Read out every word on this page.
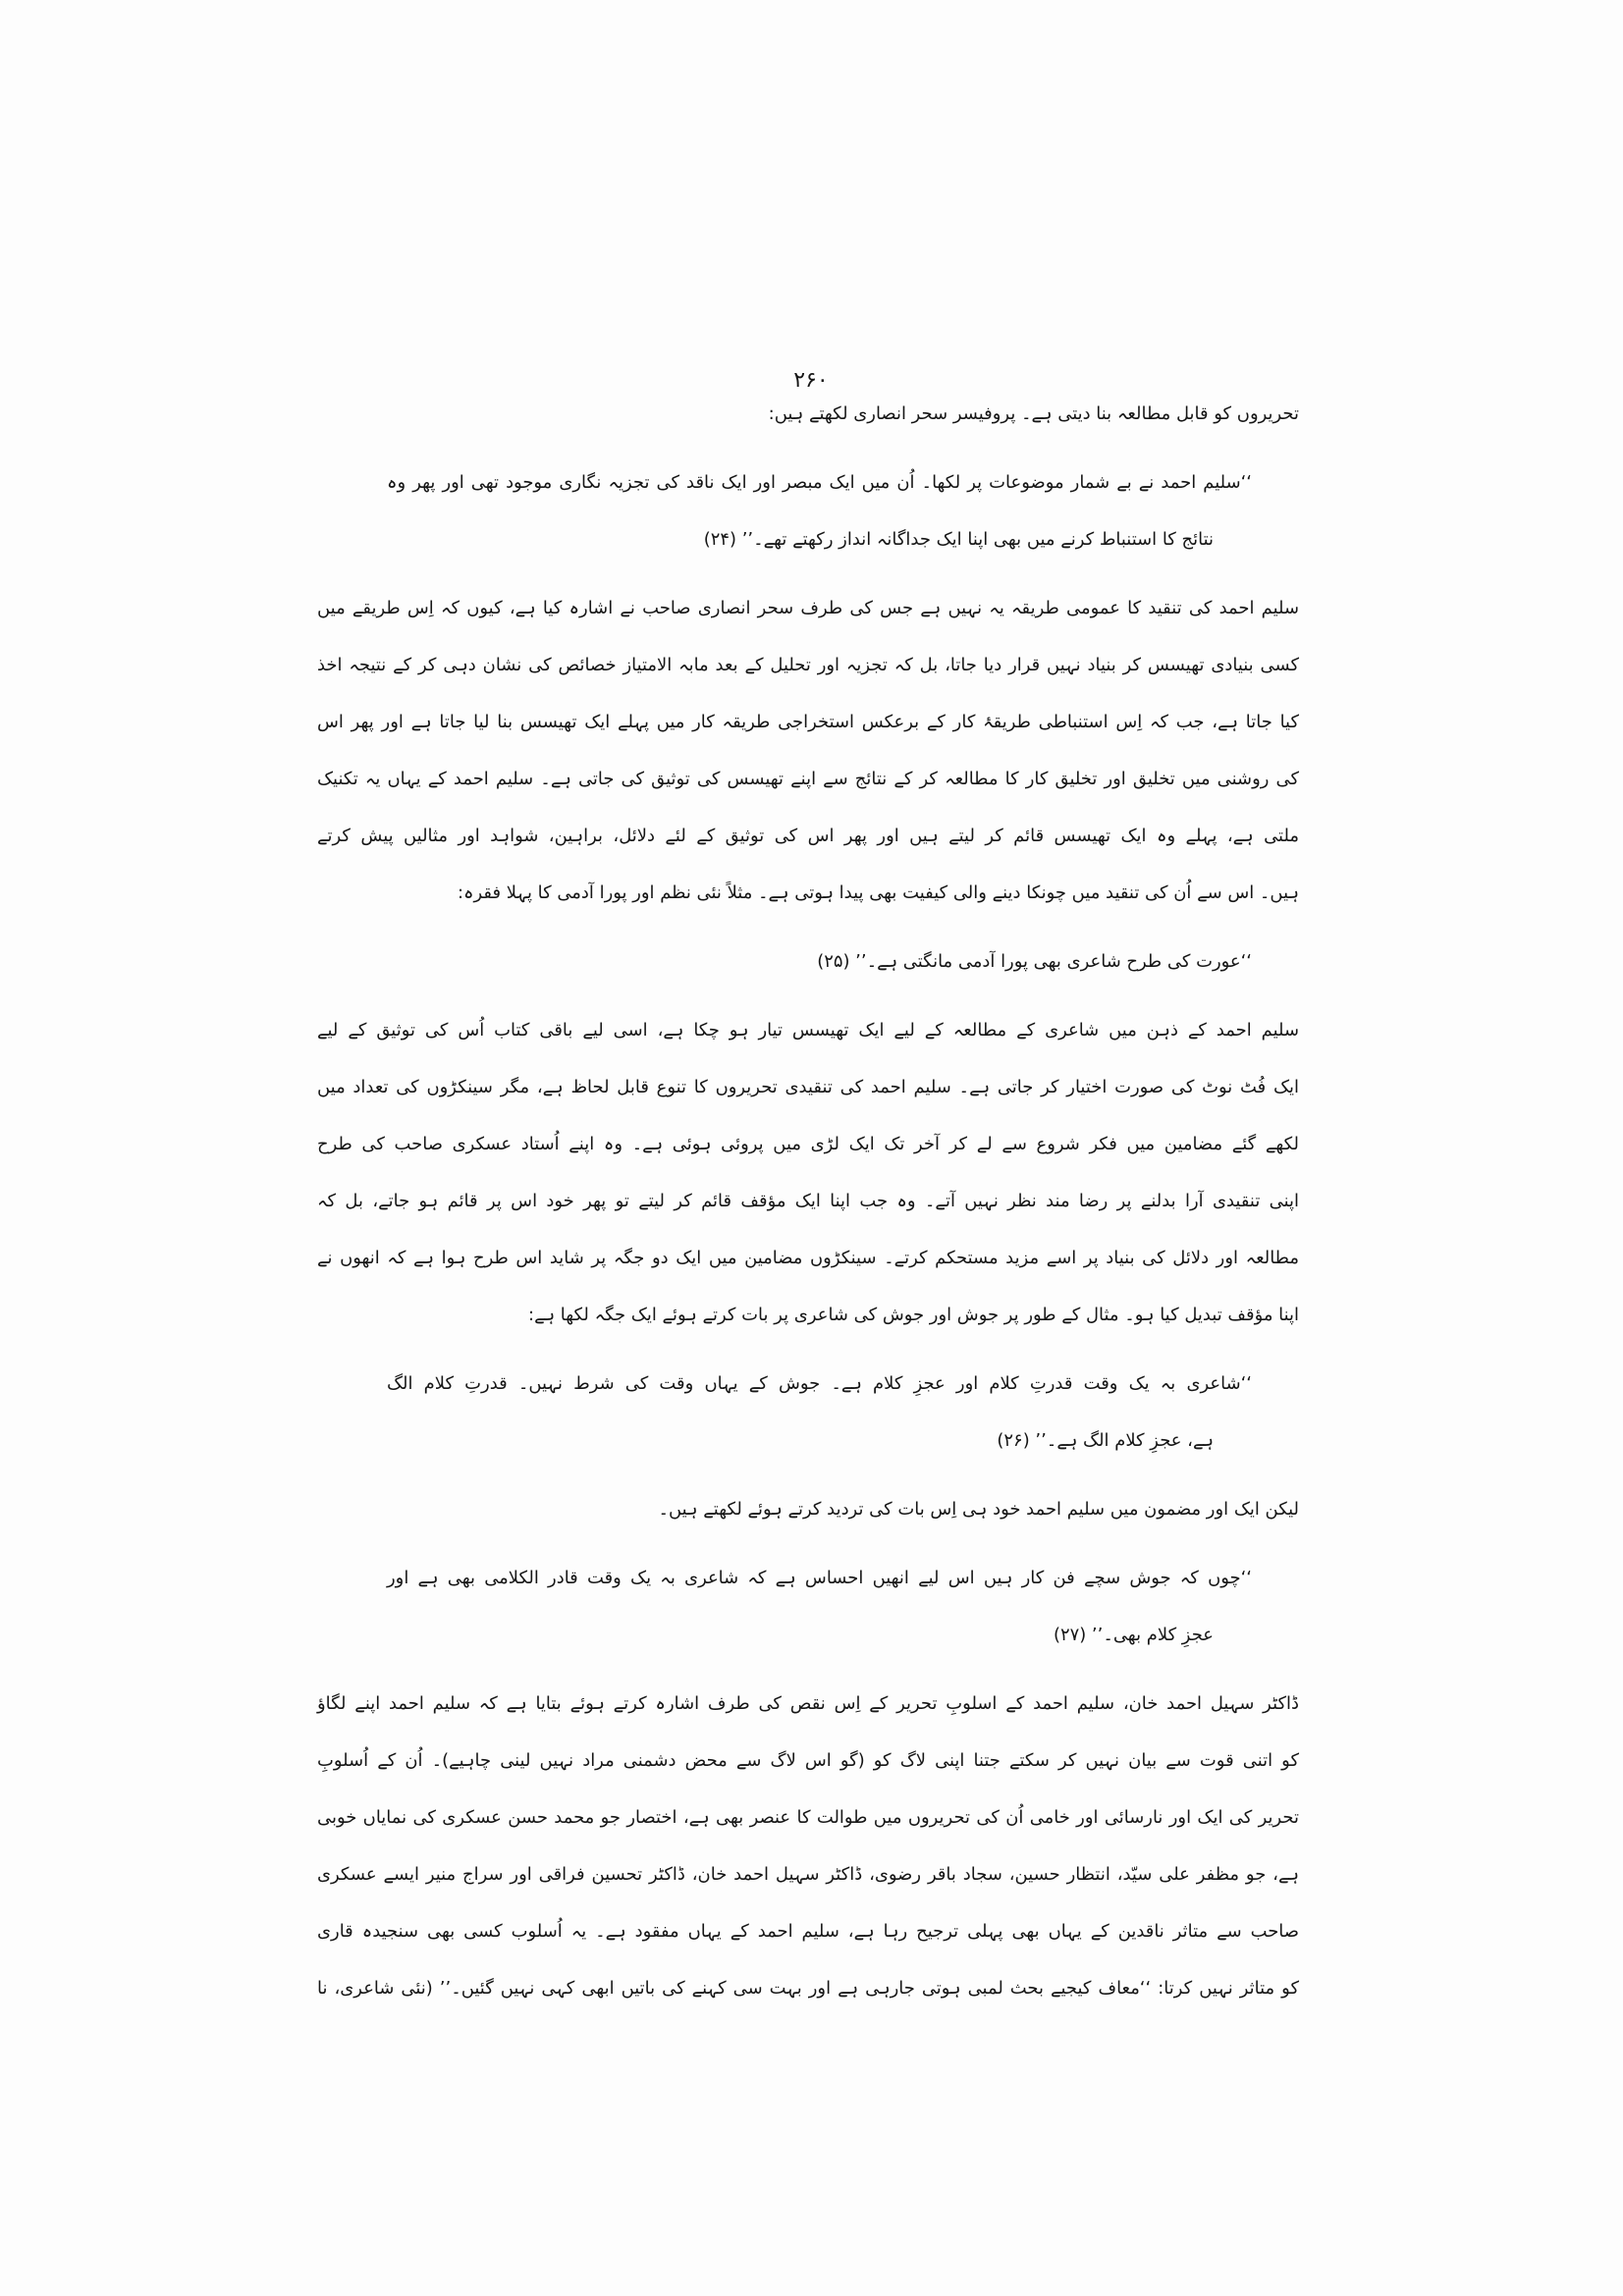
۲۶۰
تحریروں کو قابل مطالعہ بنا دیتی ہے۔ پروفیسر سحر انصاری لکھتے ہیں:
‘‘سلیم احمد نے بے شمار موضوعات پر لکھا۔ اُن میں ایک مبصر اور ایک ناقد کی تجزیہ نگاری موجود تھی اور پھر وہ
نتائج کا استنباط کرنے میں بھی اپنا ایک جداگانہ انداز رکھتے تھے۔’’ (۲۴)
سلیم احمد کی تنقید کا عمومی طریقہ یہ نہیں ہے جس کی طرف سحر انصاری صاحب نے اشارہ کیا ہے، کیوں کہ اِس طریقے میں
کسی بنیادی تھیسس کر بنیاد نہیں قرار دیا جاتا، بل کہ تجزیہ اور تحلیل کے بعد مابہ الامتیاز خصائص کی نشان دہی کر کے نتیجہ اخذ
کیا جاتا ہے، جب کہ اِس استنباطی طریقۂ کار کے برعکس استخراجی طریقہ کار میں پہلے ایک تھیسس بنا لیا جاتا ہے اور پھر اس
کی روشنی میں تخلیق اور تخلیق کار کا مطالعہ کر کے نتائج سے اپنے تھیسس کی توثیق کی جاتی ہے۔ سلیم احمد کے یہاں یہ تکنیک
ملتی ہے، پہلے وہ ایک تھیسس قائم کر لیتے ہیں اور پھر اس کی توثیق کے لئے دلائل، براہین، شواہد اور مثالیں پیش کرتے
ہیں۔ اس سے اُن کی تنقید میں چونکا دینے والی کیفیت بھی پیدا ہوتی ہے۔ مثلاً نئی نظم اور پورا آدمی کا پہلا فقرہ:
‘‘عورت کی طرح شاعری بھی پورا آدمی مانگتی ہے۔’’ (۲۵)
سلیم احمد کے ذہن میں شاعری کے مطالعہ کے لیے ایک تھیسس تیار ہو چکا ہے، اسی لیے باقی کتاب اُس کی توثیق کے لیے
ایک فُٹ نوٹ کی صورت اختیار کر جاتی ہے۔ سلیم احمد کی تنقیدی تحریروں کا تنوع قابل لحاظ ہے، مگر سینکڑوں کی تعداد میں
لکھے گئے مضامین میں فکر شروع سے لے کر آخر تک ایک لڑی میں پروئی ہوئی ہے۔ وہ اپنے اُستاد عسکری صاحب کی طرح
اپنی تنقیدی آرا بدلنے پر رضا مند نظر نہیں آتے۔ وہ جب اپنا ایک مؤقف قائم کر لیتے تو پھر خود اس پر قائم ہو جاتے، بل کہ
مطالعہ اور دلائل کی بنیاد پر اسے مزید مستحکم کرتے۔ سینکڑوں مضامین میں ایک دو جگہ پر شاید اس طرح ہوا ہے کہ انھوں نے
اپنا مؤقف تبدیل کیا ہو۔ مثال کے طور پر جوش اور جوش کی شاعری پر بات کرتے ہوئے ایک جگہ لکھا ہے:
‘‘شاعری بہ یک وقت قدرتِ کلام اور عجزِ کلام ہے۔ جوش کے یہاں وقت کی شرط نہیں۔ قدرتِ کلام الگ
ہے، عجزِ کلام الگ ہے۔’’ (۲۶)
لیکن ایک اور مضمون میں سلیم احمد خود ہی اِس بات کی تردید کرتے ہوئے لکھتے ہیں۔
‘‘چوں کہ جوش سچے فن کار ہیں اس لیے انھیں احساس ہے کہ شاعری بہ یک وقت قادر الکلامی بھی ہے اور
عجزِ کلام بھی۔’’ (۲۷)
ڈاکٹر سہیل احمد خان، سلیم احمد کے اسلوبِ تحریر کے اِس نقص کی طرف اشارہ کرتے ہوئے بتایا ہے کہ سلیم احمد اپنے لگاؤ
کو اتنی قوت سے بیان نہیں کر سکتے جتنا اپنی لاگ کو (گو اس لاگ سے محض دشمنی مراد نہیں لینی چاہیے)۔ اُن کے اُسلوبِ
تحریر کی ایک اور نارسائی اور خامی اُن کی تحریروں میں طوالت کا عنصر بھی ہے، اختصار جو محمد حسن عسکری کی نمایاں خوبی
ہے، جو مظفر علی سیّد، انتظار حسین، سجاد باقر رضوی، ڈاکٹر سہیل احمد خان، ڈاکٹر تحسین فراقی اور سراج منیر ایسے عسکری
صاحب سے متاثر ناقدین کے یہاں بھی پہلی ترجیح رہا ہے، سلیم احمد کے یہاں مفقود ہے۔ یہ اُسلوب کسی بھی سنجیدہ قاری
کو متاثر نہیں کرتا: ‘‘معاف کیجیے بحث لمبی ہوتی جارہی ہے اور بہت سی کہنے کی باتیں ابھی کہی نہیں گئیں۔’’ (نئی شاعری، نا
